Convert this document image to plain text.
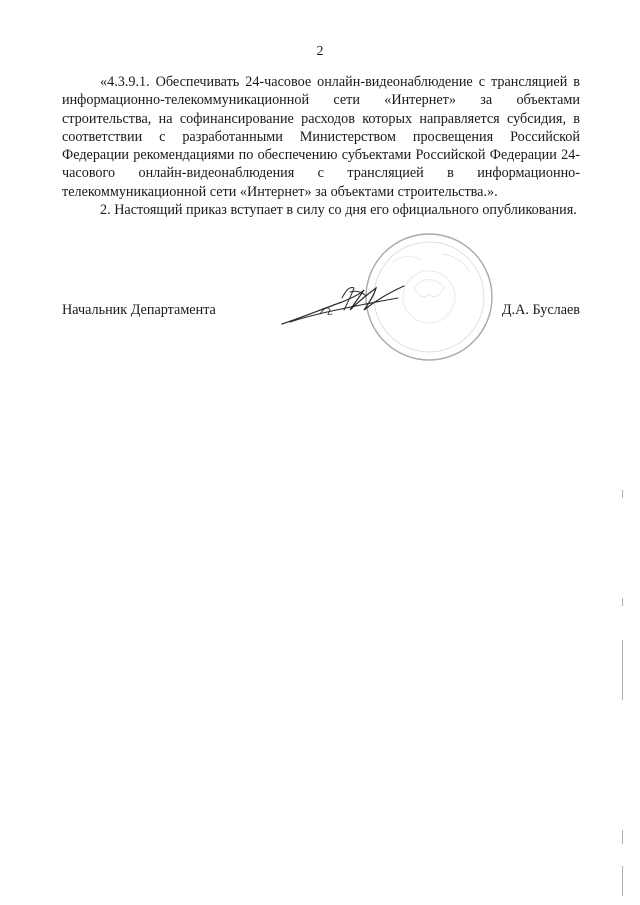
2

«4.3.9.1. Обеспечивать 24-часовое онлайн-видеонаблюдение с трансляцией в информационно-телекоммуникационной сети «Интернет» за объектами строительства, на софинансирование расходов которых направляется субсидия, в соответствии с разработанными Министерством просвещения Российской Федерации рекомендациями по обеспечению субъектами Российской Федерации 24-часового онлайн-видеонаблюдения с трансляцией в информационно-телекоммуникационной сети «Интернет» за объектами строительства.».

2. Настоящий приказ вступает в силу со дня его официального опубликования.

Начальник Департамента	Д.А. Буслаев
